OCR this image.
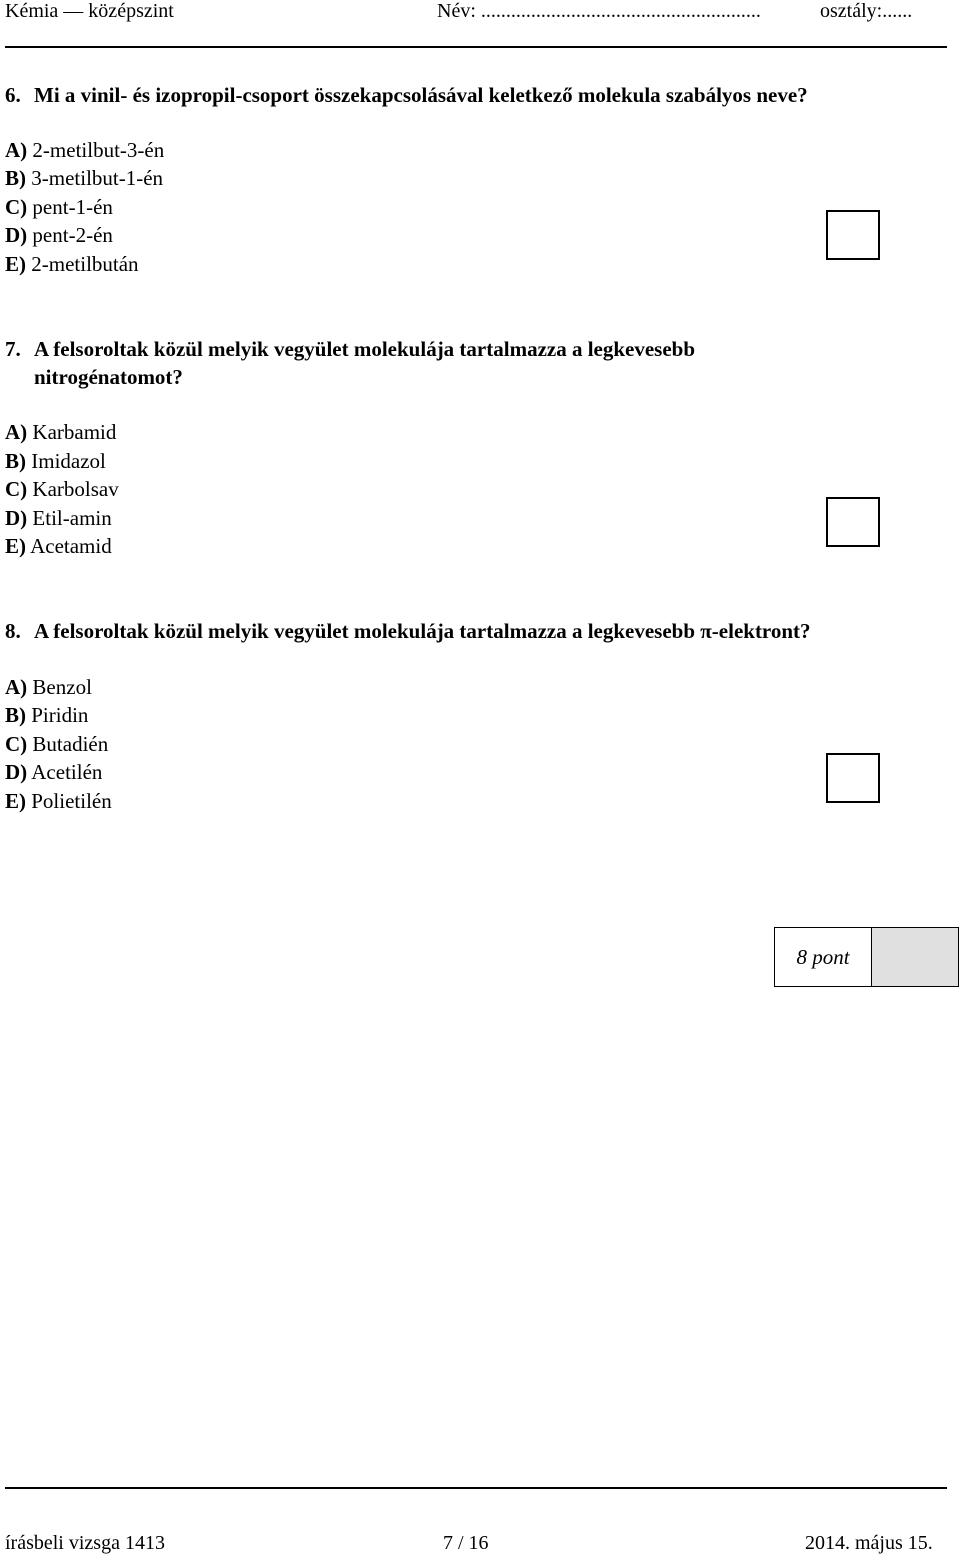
Kémia — középszint	Név: ........................................................	osztály:......
6. Mi a vinil- és izopropil-csoport összekapcsolásával keletkező molekula szabályos neve?
A) 2-metilbut-3-én
B) 3-metilbut-1-én
C) pent-1-én
D) pent-2-én
E) 2-metilbután
7. A felsoroltak közül melyik vegyület molekulája tartalmazza a legkevesebb
nitrogénatomot?
A) Karbamid
B) Imidazol
C) Karbolsav
D) Etil-amin
E) Acetamid
8. A felsoroltak közül melyik vegyület molekulája tartalmazza a legkevesebb π-elektront?
A) Benzol
B) Piridin
C) Butadién
D) Acetilén
E) Polietilén
8 pont
írásbeli vizsga 1413	7 / 16	2014. május 15.
